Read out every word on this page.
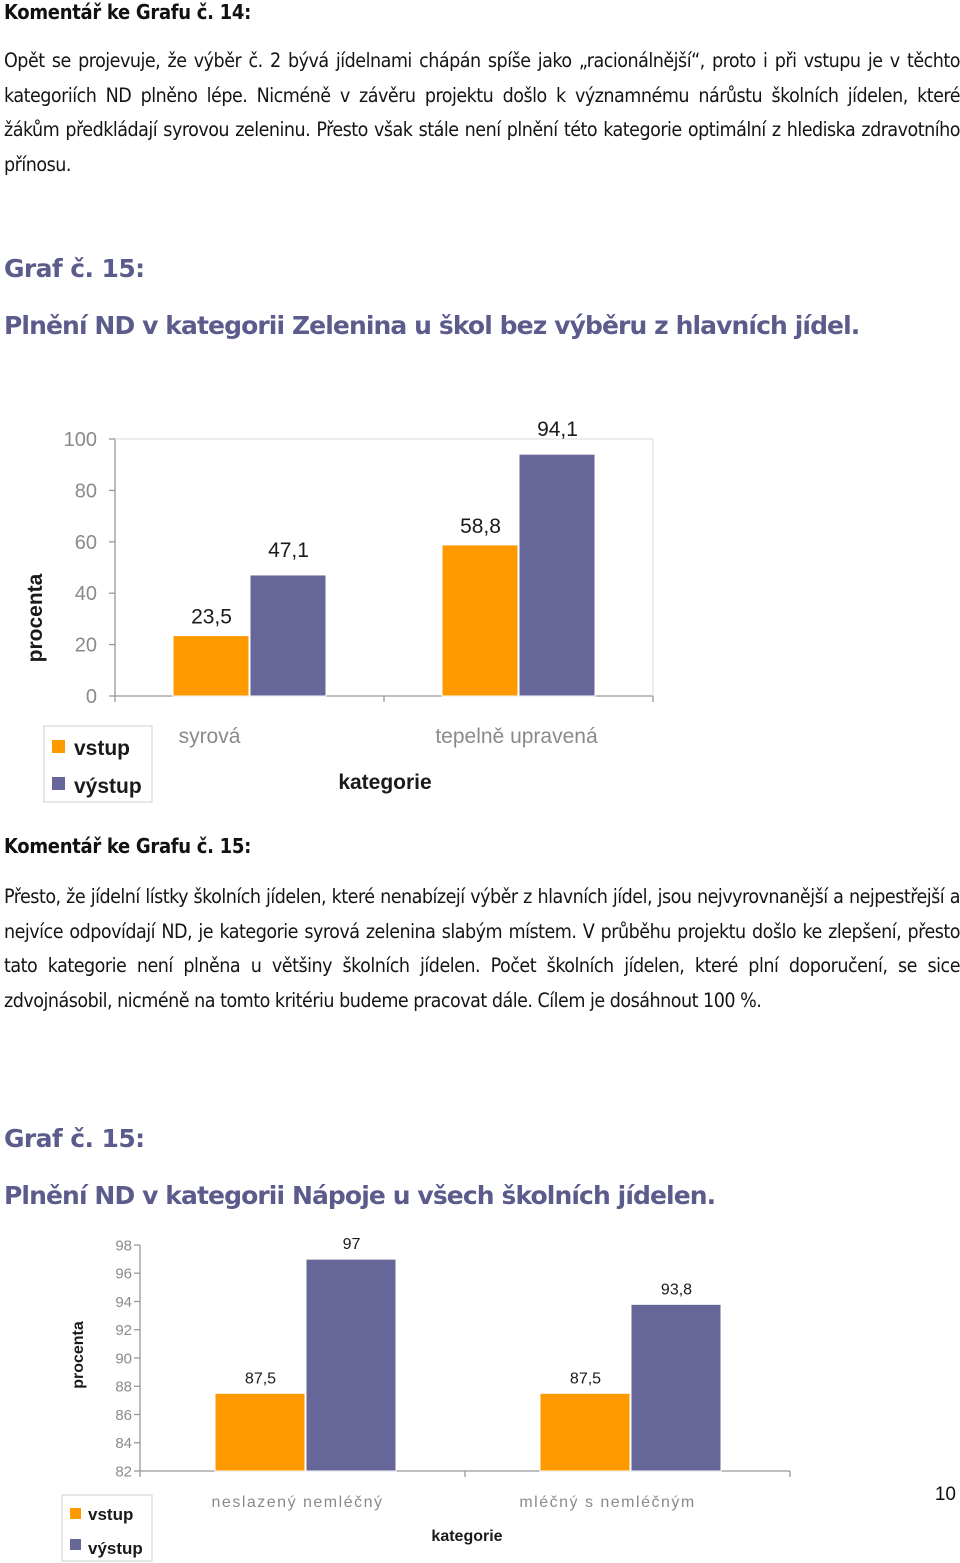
Komentář ke Grafu č. 14:
Opět se projevuje, že výběr č. 2 bývá jídelnami chápán spíše jako „racionálnější“, proto i při vstupu je v těchto kategoriích ND plněno lépe. Nicméně v závěru projektu došlo k významnému nárůstu školních jídelen, které žákům předkládají syrovou zeleninu. Přesto však stále není plnění této kategorie optimální z hlediska zdravotního přínosu.
Graf č. 15:
Plnění ND v kategorii Zelenina u škol bez výběru z hlavních jídel.
23,5
47,1
syrová
58,8
94,1
tepelně upravená
0
20
40
60
80
100
procenta
kategorie
vstup
výstup
Komentář ke Grafu č. 15:
Přesto, že jídelní lístky školních jídelen, které nenabízejí výběr z hlavních jídel, jsou nejvyrovnanější a nejpestřejší a nejvíce odpovídají ND, je kategorie syrová zelenina slabým místem. V průběhu projektu došlo ke zlepšení, přesto tato kategorie není plněna u většiny školních jídelen. Počet školních jídelen, které plní doporučení, se sice zdvojnásobil, nicméně na tomto kritériu budeme pracovat dále. Cílem je dosáhnout 100 %.
Graf č. 15:
Plnění ND v kategorii Nápoje u všech školních jídelen.
87,5
97
neslazený nemléčný
87,5
93,8
mléčný s nemléčným
82
84
86
88
90
92
94
96
98
procenta
kategorie
vstup
výstup
10
